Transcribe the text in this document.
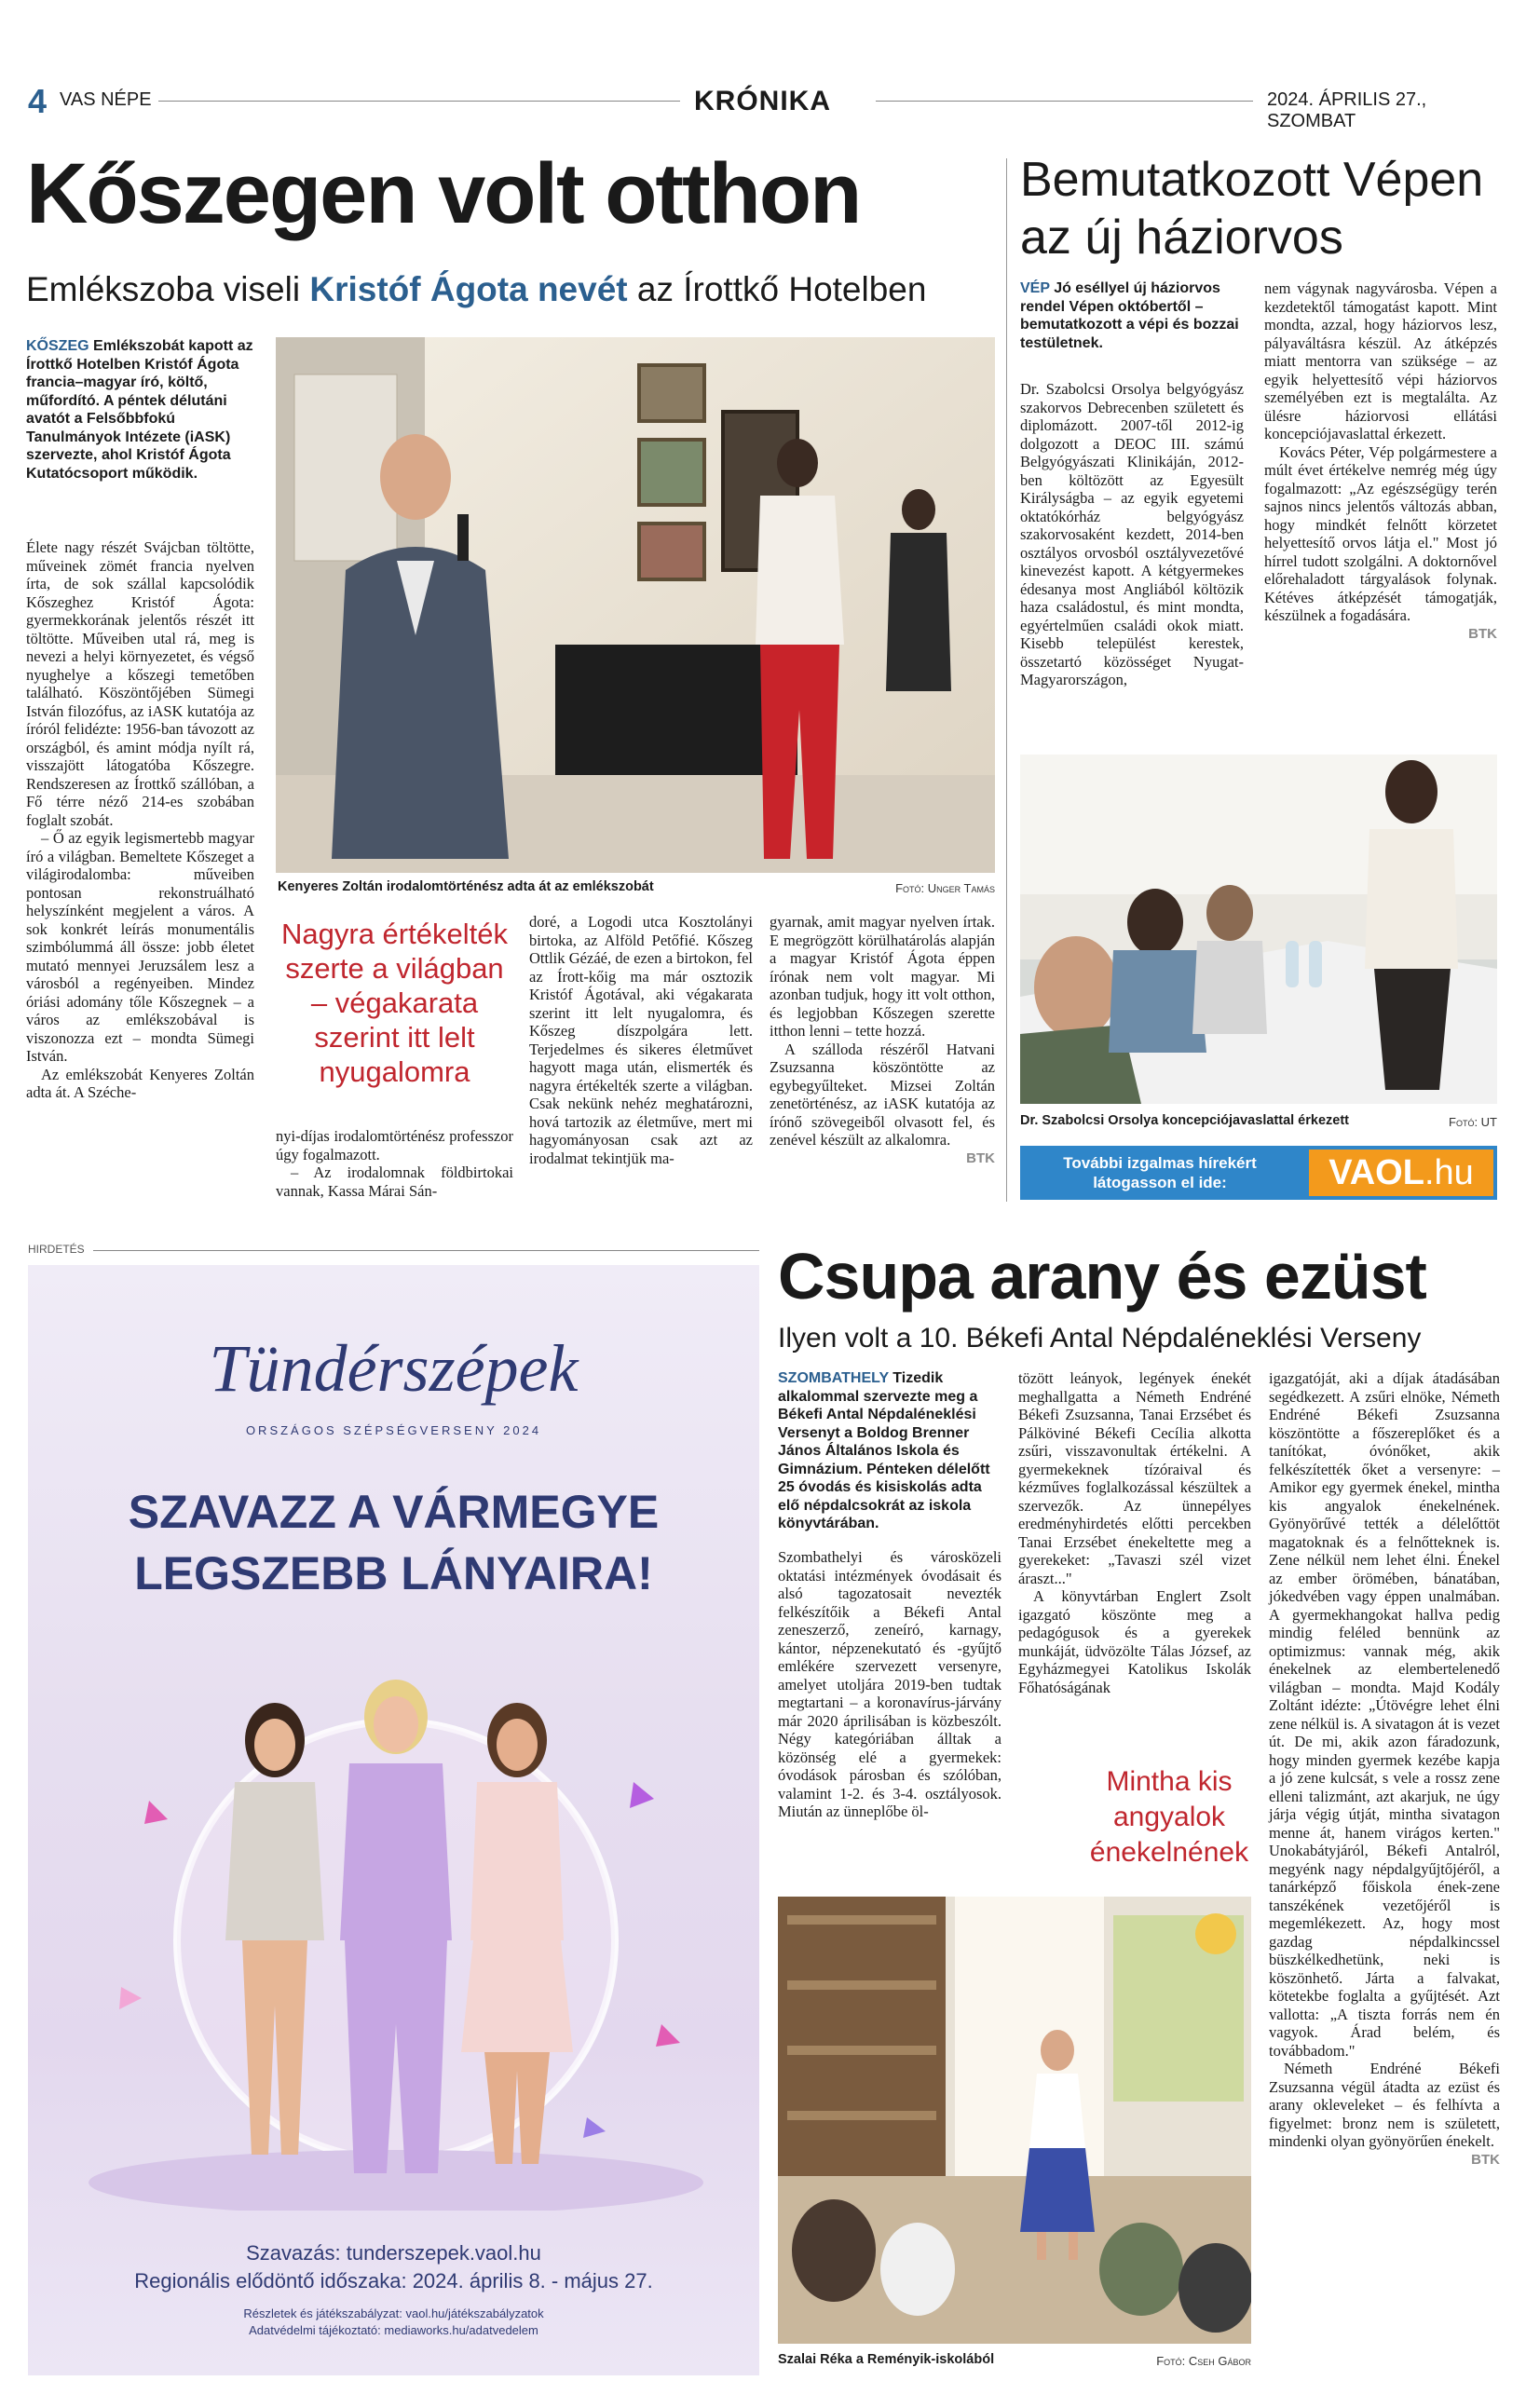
4 VAS NÉPE	KRÓNIKA	2024. ÁPRILIS 27., SZOMBAT
Kőszegen volt otthon
Emlékszoba viseli Kristóf Ágota nevét az Írottkő Hotelben
KŐSZEG Emlékszobát kapott az Írottkő Hotelben Kristóf Ágota francia–magyar író, költő, műfordító. A péntek délutáni avatót a Felsőbbfokú Tanulmányok Intézete (iASK) szervezte, ahol Kristóf Ágota Kutatócsoport működik.

Élete nagy részét Svájcban töltötte, műveinek zömét francia nyelven írta, de sok szállal kapcsolódik Kőszeghez Kristóf Ágota: gyermekkorának jelentős részét itt töltötte. Műveiben utal rá, meg is nevezi a helyi környezetet, és végső nyughelye a kőszegi temetőben található. Köszöntőjében Sümegi István filozófus, az iASK kutatója az íróról felidézte: 1956-ban távozott az országból, és amint módja nyílt rá, visszajött látogatóba Kőszegre. Rendszeresen az Írottkő szállóban, a Fő térre néző 214-es szobában foglalt szobát.

– Ő az egyik legismertebb magyar író a világban. Bemeltete Kőszeget a világirodalomba: műveiben pontosan rekonstruálható helyszínként megjelent a város. A sok konkrét leírás monumentális szimbólummá áll össze: jobb életet mutató mennyei Jeruzsálem lesz a városból a regényeiben. Mindez óriási adomány tőle Kőszegnek – a város az emlékszobával is viszonozza ezt – mondta Sümegi István.

Az emlékszobát Kenyeres Zoltán adta át. A Széche-

Kenyeres Zoltán irodalomtörténész adta át az emlékszobát	Fotó: Unger Tamás
Nagyra értékelték szerte a világban – végakarata szerint itt lelt nyugalomra

nyi-díjas irodalomtörténész professzor úgy fogalmazott.

– Az irodalomnak földbirtokai vannak, Kassa Márai Sán-

doré, a Logodi utca Kosztolányi birtoka, az Alföld Petőfié. Kőszeg Ottlik Gézáé, de ezen a birtokon, fel az Írott-kőig ma már osztozik Kristóf Ágotával, aki végakarata szerint itt lelt nyugalomra, és Kőszeg díszpolgára lett. Terjedelmes és sikeres életművet hagyott maga után, elismerték és nagyra értékelték szerte a világban. Csak nekünk nehéz meghatározni, hová tartozik az életműve, mert mi hagyományosan csak azt az irodalmat tekintjük ma-

gyarnak, amit magyar nyelven írtak. E megrögzött körülhatárolás alapján a magyar Kristóf Ágota éppen írónak nem volt magyar. Mi azonban tudjuk, hogy itt volt otthon, és legjobban Kőszegen szerette itthon lenni – tette hozzá.

A szálloda részéről Hatvani Zsuzsanna köszöntötte az egybegyűlteket. Mizsei Zoltán zenetörténész, az iASK kutatója az írónő szövegeiből olvasott fel, és zenével készült az alkalomra.

BTK
Bemutatkozott Vépen az új háziorvos
VÉP Jó eséllyel új háziorvos rendel Vépen októbertől – bemutatkozott a vépi és bozzai testületnek.

Dr. Szabolcsi Orsolya belgyógyász szakorvos Debrecenben született és diplomázott. 2007-től 2012-ig dolgozott a DEOC III. számú Belgyógyászati Klinikáján, 2012-ben költözött az Egyesült Királyságba – az egyik egyetemi oktatókórház belgyógyász szakorvosaként kezdett, 2014-ben osztályos orvosból osztályvezetővé kinevezést kapott. A kétgyermekes édesanya most Angliából költözik haza családostul, és mint mondta, egyértelműen családi okok miatt. Kisebb települést kerestek, összetartó közösséget Nyugat-Magyarországon,

nem vágynak nagyvárosba. Vépen a kezdetektől támogatást kapott. Mint mondta, azzal, hogy háziorvos lesz, pályaváltásra készül. Az átképzés miatt mentorra van szüksége – az egyik helyettesítő vépi háziorvos személyében ezt is megtalálta. Az ülésre háziorvosi ellátási koncepciójavaslattal érkezett.

Kovács Péter, Vép polgármestere a múlt évet értékelve nemrég még úgy fogalmazott: „Az egészségügy terén sajnos nincs jelentős változás abban, hogy mindkét felnőtt körzetet helyettesítő orvos látja el." Most jó hírrel tudott szolgálni. A doktornővel előrehaladott tárgyalások folynak. Kétéves átképzését támogatják, készülnek a fogadására.

BTK
Dr. Szabolcsi Orsolya koncepciójavaslattal érkezett	Fotó: UT
További izgalmas hírekért
látogasson el ide:	VAOL.hu
HIRDETÉS
Tündérszépek
ORSZÁGOS SZÉPSÉGVERSENY 2024
SZAVAZZ A VÁRMEGYE
LEGSZEBB LÁNYAIRA!
Szavazás: tunderszepek.vaol.hu
Regionális elődöntő időszaka: 2024. április 8. - május 27.
Részletek és játékszabályzat: vaol.hu/játékszabályzatok
Adatvédelmi tájékoztató: mediaworks.hu/adatvedelem
Csupa arany és ezüst
Ilyen volt a 10. Békefi Antal Népdaléneklési Verseny
SZOMBATHELY Tizedik alkalommal szervezte meg a Békefi Antal Népdaléneklési Versenyt a Boldog Brenner János Általános Iskola és Gimnázium. Pénteken délelőtt 25 óvodás és kisiskolás adta elő népdalcsokrát az iskola könyvtárában.

Szombathelyi és városközeli oktatási intézmények óvodásait és alsó tagozatosait nevezték felkészítőik a Békefi Antal zeneszerző, zeneíró, karnagy, kántor, népzenekutató és -gyűjtő emlékére szervezett versenyre, amelyet utoljára 2019-ben tudtak megtartani – a koronavírus-járvány már 2020 áprilisában is közbeszólt. Négy kategóriában álltak a közönség elé a gyermekek: óvodások párosban és szólóban, valamint 1-2. és 3-4. osztályosok. Miután az ünneplőbe öl-

tözött leányok, legények énekét meghallgatta a Németh Endréné Békefi Zsuzsanna, Tanai Erzsébet és Pálköviné Békefi Cecília alkotta zsűri, visszavonultak értékelni. A gyermekeknek tízóraival és kézműves foglalkozással készültek a szervezők. Az ünnepélyes eredményhirdetés előtti percekben Tanai Erzsébet énekeltette meg a gyerekeket: „Tavaszi szél vizet áraszt..."

A könyvtárban Englert Zsolt igazgató köszönte meg a pedagógusok és a gyerekek munkáját, üdvözölte Tálas József, az Egyházmegyei Katolikus Iskolák Főhatóságának

Mintha kis angyalok énekelnének

igazgatóját, aki a díjak átadásában segédkezett. A zsűri elnöke, Németh Endréné Békefi Zsuzsanna köszöntötte a főszereplőket és a tanítókat, óvónőket, akik felkészítették őket a versenyre: – Amikor egy gyermek énekel, mintha kis angyalok énekelnének. Gyönyörűvé tették a délelőttöt magatoknak és a felnőtteknek is. Zene nélkül nem lehet élni. Énekel az ember örömében, bánatában, jókedvében vagy éppen unalmában. A gyermekhangokat hallva pedig mindig feléled bennünk az optimizmus: vannak még, akik énekelnek az elembertelenedő világban – mondta. Majd Kodály Zoltánt idézte: „Útövégre lehet élni zene nélkül is. A sivatagon át is vezet út. De mi, akik azon fáradozunk, hogy minden gyermek kezébe kapja a jó zene kulcsát, s vele a rossz zene elleni talizmánt, azt akarjuk, ne úgy járja végig útját, mintha sivatagon menne át, hanem virágos kerten." Unokabátyjáról, Békefi Antalról, megyénk nagy népdalgyűjtőjéről, a tanárképző főiskola ének-zene tanszékének vezetőjéről is megemlékezett. Az, hogy most gazdag népdalkincssel büszkélkedhetünk, neki is köszönhető. Járta a falvakat, kötetekbe foglalta a gyűjtését. Azt vallotta: „A tiszta forrás nem én vagyok. Árad belém, és továbbadom."

Németh Endréné Békefi Zsuzsanna végül átadta az ezüst és arany okleveleket – és felhívta a figyelmet: bronz nem is született, mindenki olyan gyönyörűen énekelt.

BTK
Szalai Réka a Reményik-iskolából	Fotó: Cseh Gábor
